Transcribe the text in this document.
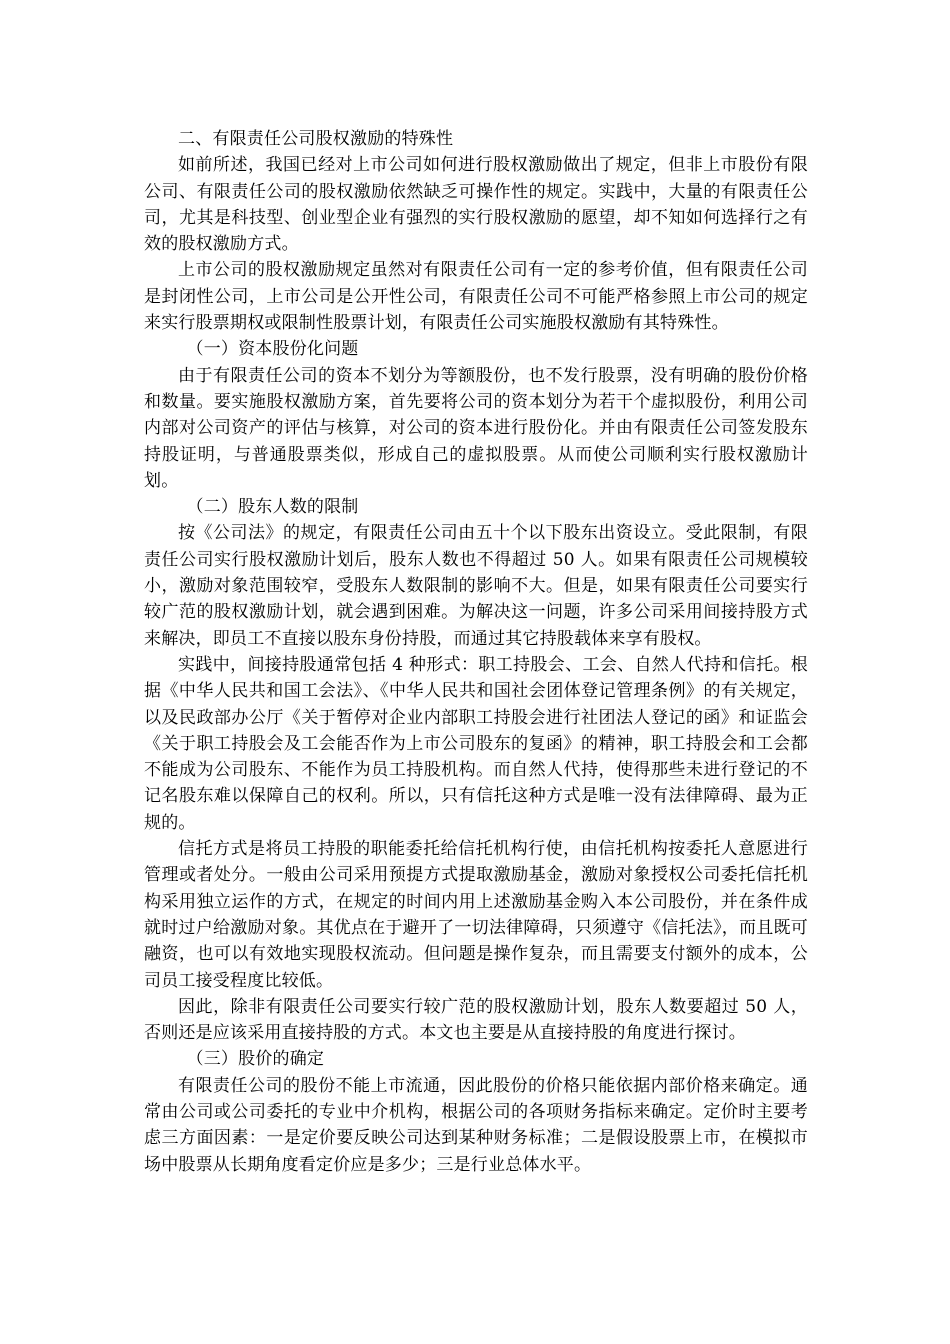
二、有限责任公司股权激励的特殊性

如前所述，我国已经对上市公司如何进行股权激励做出了规定，但非上市股份有限公司、有限责任公司的股权激励依然缺乏可操作性的规定。实践中，大量的有限责任公司，尤其是科技型、创业型企业有强烈的实行股权激励的愿望，却不知如何选择行之有效的股权激励方式。

上市公司的股权激励规定虽然对有限责任公司有一定的参考价值，但有限责任公司是封闭性公司，上市公司是公开性公司，有限责任公司不可能严格参照上市公司的规定来实行股票期权或限制性股票计划，有限责任公司实施股权激励有其特殊性。

（一）资本股份化问题

由于有限责任公司的资本不划分为等额股份，也不发行股票，没有明确的股份价格和数量。要实施股权激励方案，首先要将公司的资本划分为若干个虚拟股份，利用公司内部对公司资产的评估与核算，对公司的资本进行股份化。并由有限责任公司签发股东持股证明，与普通股票类似，形成自己的虚拟股票。从而使公司顺利实行股权激励计划。

（二）股东人数的限制

按《公司法》的规定，有限责任公司由五十个以下股东出资设立。受此限制，有限责任公司实行股权激励计划后，股东人数也不得超过 50 人。如果有限责任公司规模较小，激励对象范围较窄，受股东人数限制的影响不大。但是，如果有限责任公司要实行较广范的股权激励计划，就会遇到困难。为解决这一问题，许多公司采用间接持股方式来解决，即员工不直接以股东身份持股，而通过其它持股载体来享有股权。

实践中，间接持股通常包括 4 种形式：职工持股会、工会、自然人代持和信托。根据《中华人民共和国工会法》、《中华人民共和国社会团体登记管理条例》的有关规定，以及民政部办公厅《关于暂停对企业内部职工持股会进行社团法人登记的函》和证监会《关于职工持股会及工会能否作为上市公司股东的复函》的精神，职工持股会和工会都不能成为公司股东、不能作为员工持股机构。而自然人代持，使得那些未进行登记的不记名股东难以保障自己的权利。所以，只有信托这种方式是唯一没有法律障碍、最为正规的。

信托方式是将员工持股的职能委托给信托机构行使，由信托机构按委托人意愿进行管理或者处分。一般由公司采用预提方式提取激励基金，激励对象授权公司委托信托机构采用独立运作的方式，在规定的时间内用上述激励基金购入本公司股份，并在条件成就时过户给激励对象。其优点在于避开了一切法律障碍，只须遵守《信托法》，而且既可融资，也可以有效地实现股权流动。但问题是操作复杂，而且需要支付额外的成本，公司员工接受程度比较低。

因此，除非有限责任公司要实行较广范的股权激励计划，股东人数要超过 50 人，否则还是应该采用直接持股的方式。本文也主要是从直接持股的角度进行探讨。

（三）股价的确定

有限责任公司的股份不能上市流通，因此股份的价格只能依据内部价格来确定。通常由公司或公司委托的专业中介机构，根据公司的各项财务指标来确定。定价时主要考虑三方面因素：一是定价要反映公司达到某种财务标准；二是假设股票上市，在模拟市场中股票从长期角度看定价应是多少；三是行业总体水平。
